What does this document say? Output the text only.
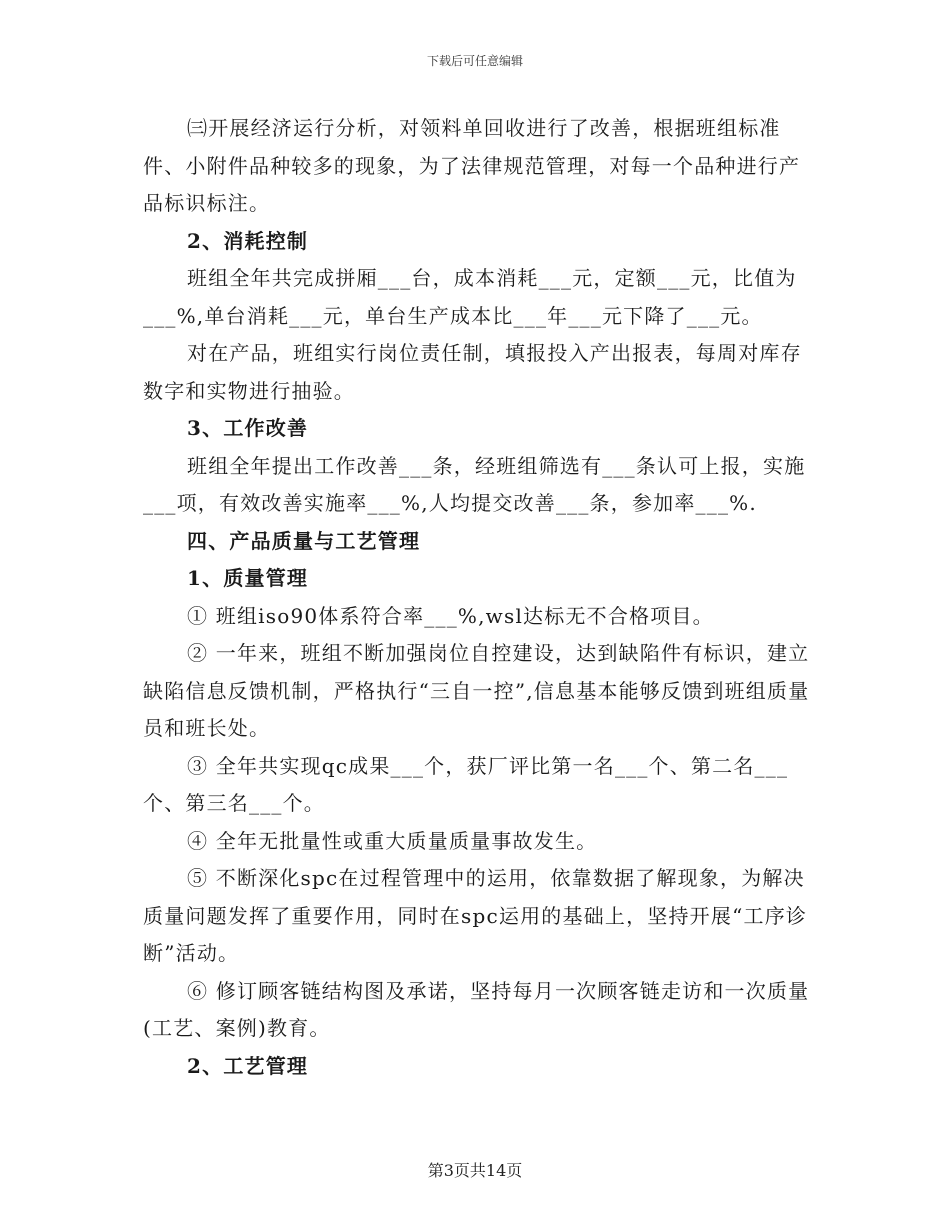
下载后可任意编辑

㈢开展经济运行分析，对领料单回收进行了改善，根据班组标准件、小附件品种较多的现象，为了法律规范管理，对每一个品种进行产品标识标注。

2、消耗控制

班组全年共完成拼厢___台，成本消耗___元，定额___元，比值为___%,单台消耗___元，单台生产成本比___年___元下降了___元。

对在产品，班组实行岗位责任制，填报投入产出报表，每周对库存数字和实物进行抽验。

3、工作改善

班组全年提出工作改善___条，经班组筛选有___条认可上报，实施___项，有效改善实施率___%,人均提交改善___条，参加率___%.

四、产品质量与工艺管理

1、质量管理

① 班组iso90体系符合率___%,wsl达标无不合格项目。

② 一年来，班组不断加强岗位自控建设，达到缺陷件有标识，建立缺陷信息反馈机制，严格执行“三自一控”,信息基本能够反馈到班组质量员和班长处。

③ 全年共实现qc成果___个，获厂评比第一名___个、第二名___个、第三名___个。

④ 全年无批量性或重大质量质量事故发生。

⑤ 不断深化spc在过程管理中的运用，依靠数据了解现象，为解决质量问题发挥了重要作用，同时在spc运用的基础上，坚持开展“工序诊断”活动。

⑥ 修订顾客链结构图及承诺，坚持每月一次顾客链走访和一次质量(工艺、案例)教育。

2、工艺管理

第3页共14页
